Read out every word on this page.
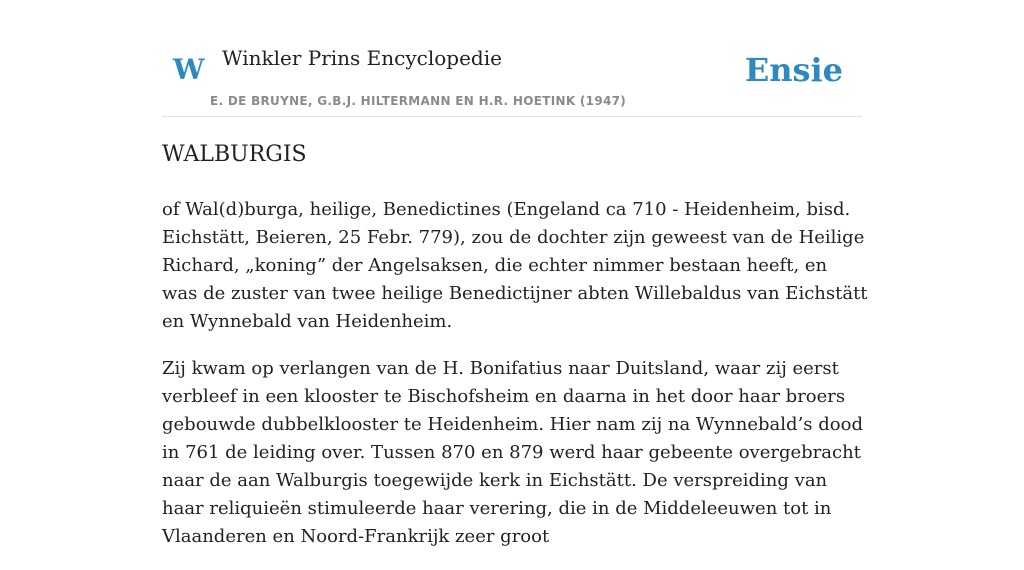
W Winkler Prins Encyclopedie
E. DE BRUYNE, G.B.J. HILTERMANN EN H.R. HOETINK (1947)
Ensie
WALBURGIS

of Wal(d)burga, heilige, Benedictines (Engeland ca 710 - Heidenheim, bisd. Eichstätt, Beieren, 25 Febr. 779), zou de dochter zijn geweest van de Heilige Richard, „koning” der Angelsaksen, die echter nimmer bestaan heeft, en was de zuster van twee heilige Benedictijner abten Willebaldus van Eichstätt en Wynnebald van Heidenheim.

Zij kwam op verlangen van de H. Bonifatius naar Duitsland, waar zij eerst verbleef in een klooster te Bischofsheim en daarna in het door haar broers gebouwde dubbelklooster te Heidenheim. Hier nam zij na Wynnebald’s dood in 761 de leiding over. Tussen 870 en 879 werd haar gebeente overgebracht naar de aan Walburgis toegewijde kerk in Eichstätt. De verspreiding van haar reliquieën stimuleerde haar verering, die in de Middeleeuwen tot in Vlaanderen en Noord-Frankrijk zeer groot
